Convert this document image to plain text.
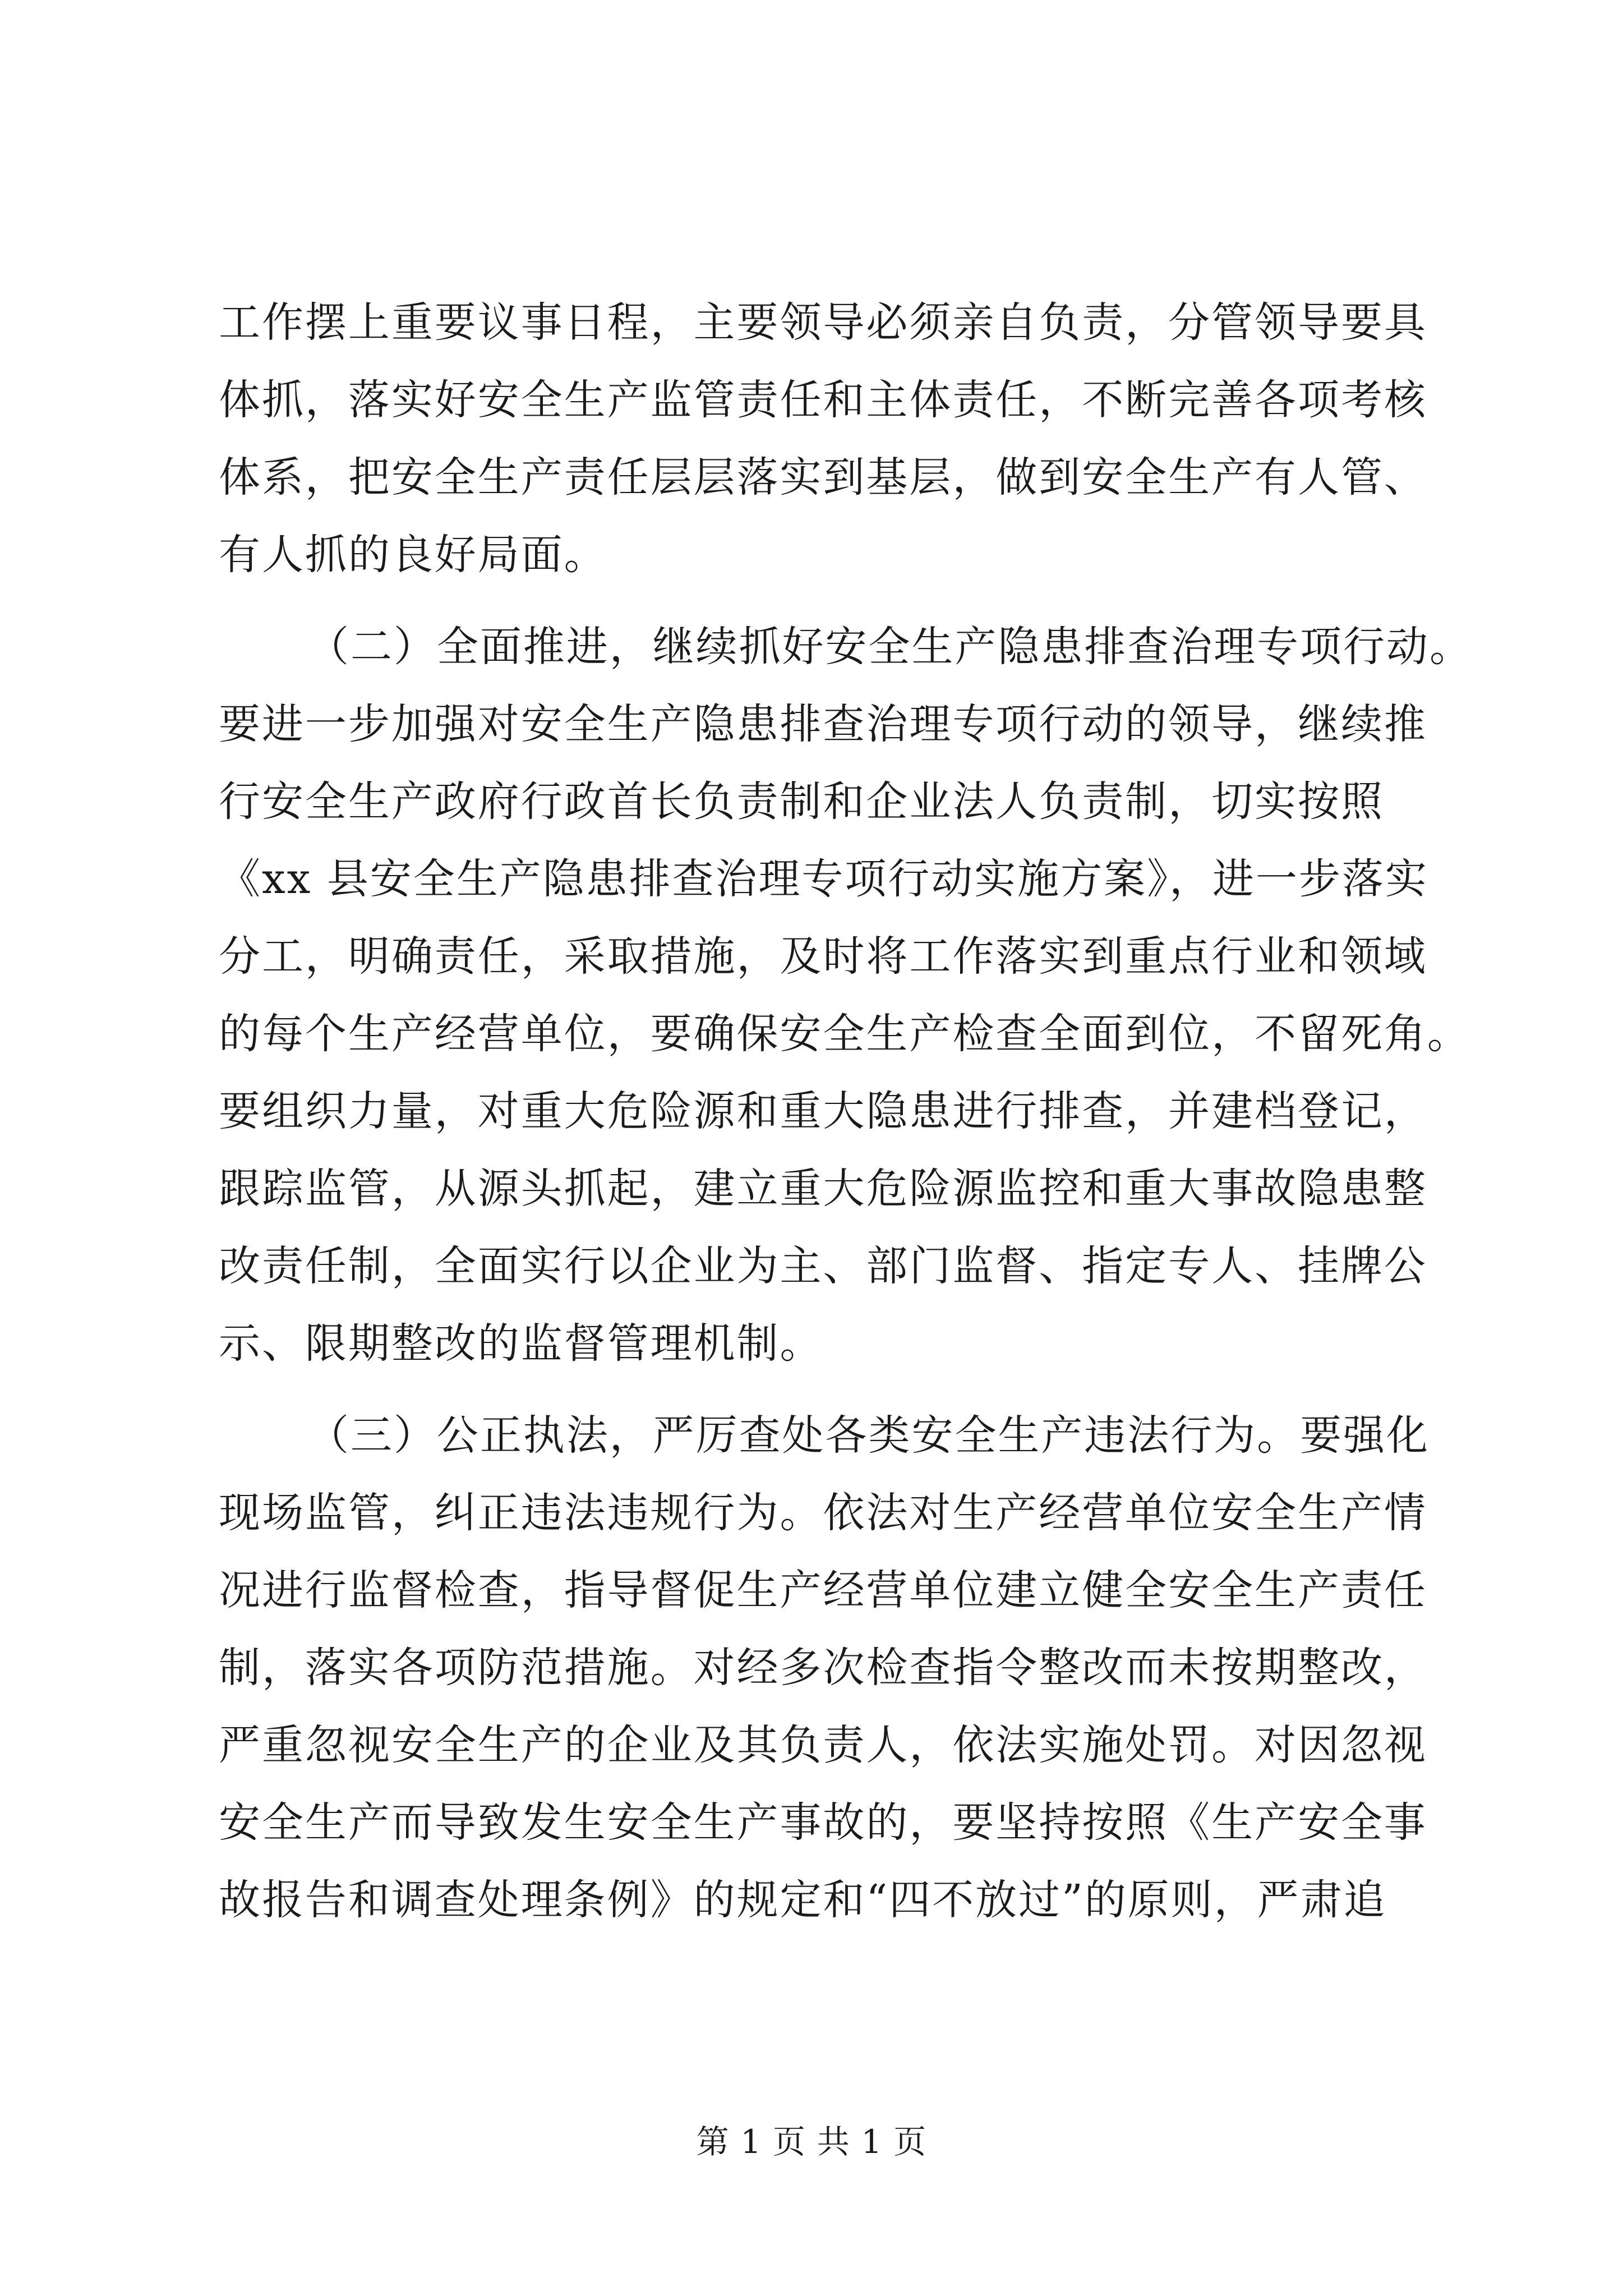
工作摆上重要议事日程，主要领导必须亲自负责，分管领导要具
体抓，落实好安全生产监管责任和主体责任，不断完善各项考核
体系，把安全生产责任层层落实到基层，做到安全生产有人管、
有人抓的良好局面。
（二）全面推进，继续抓好安全生产隐患排查治理专项行动。
要进一步加强对安全生产隐患排查治理专项行动的领导，继续推
行安全生产政府行政首长负责制和企业法人负责制，切实按照
《xx 县安全生产隐患排查治理专项行动实施方案》，进一步落实
分工，明确责任，采取措施，及时将工作落实到重点行业和领域
的每个生产经营单位，要确保安全生产检查全面到位，不留死角。
要组织力量，对重大危险源和重大隐患进行排查，并建档登记，
跟踪监管，从源头抓起，建立重大危险源监控和重大事故隐患整
改责任制，全面实行以企业为主、部门监督、指定专人、挂牌公
示、限期整改的监督管理机制。
（三）公正执法，严厉查处各类安全生产违法行为。要强化
现场监管，纠正违法违规行为。依法对生产经营单位安全生产情
况进行监督检查，指导督促生产经营单位建立健全安全生产责任
制，落实各项防范措施。对经多次检查指令整改而未按期整改，
严重忽视安全生产的企业及其负责人，依法实施处罚。对因忽视
安全生产而导致发生安全生产事故的，要坚持按照《生产安全事
故报告和调查处理条例》的规定和“四不放过”的原则，严肃追
第 1 页 共 1 页
